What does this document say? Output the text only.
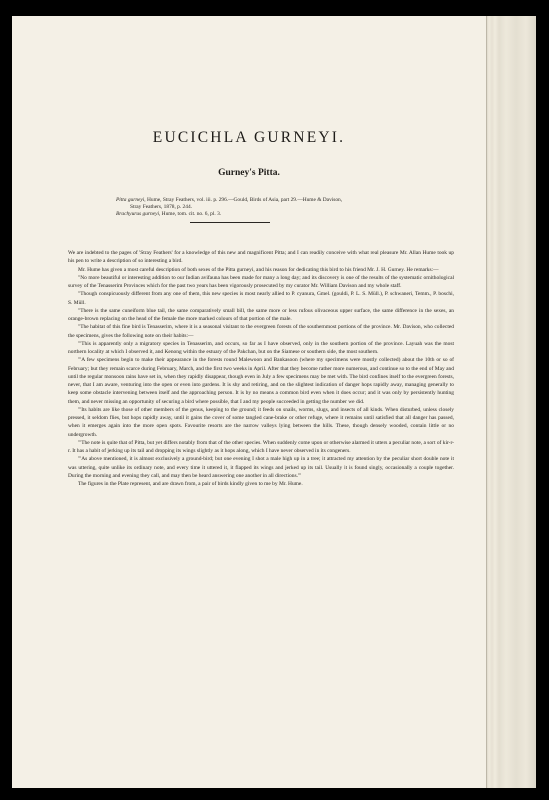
EUCICHLA GURNEYI.
Gurney's Pitta.
Pitta gurneyi, Hume, Stray Feathers, vol. iii. p. 296.—Gould, Birds of Asia, part 29.—Hume & Davison,
Stray Feathers, 1878, p. 244.
Brachyurus gurneyi, Hume, tom. cit. no. 6, pl. 3.

We are indebted to the pages of 'Stray Feathers' for a knowledge of this new and magnificent Pitta; and I can readily conceive with what real pleasure Mr. Allan Hume took up his pen to write a description of so interesting a bird.

Mr. Hume has given a most careful description of both sexes of the Pitta gurneyi, and his reason for dedicating this bird to his friend Mr. J. H. Gurney. He remarks:—

"No more beautiful or interesting addition to our Indian avifauna has been made for many a long day; and its discovery is one of the results of the systematic ornithological survey of the Tenasserim Provinces which for the past two years has been vigorously prosecuted by my curator Mr. William Davison and my whole staff.

"Though conspicuously different from any one of them, this new species is most nearly allied to P. cyanura, Gmel. (gouldi, P. L. S. Müll.), P. schwaneri, Temm., P. boschi, S. Müll.

"There is the same cuneiform blue tail, the same comparatively small bill, the same more or less rufous olivaceous upper surface, the same difference in the sexes, an orange-brown replacing on the head of the female the more marked colours of that portion of the male.

"The habitat of this fine bird is Tenasserim, where it is a seasonal visitant to the evergreen forests of the southernmost portions of the province. Mr. Davison, who collected the specimens, gives the following note on their habits:—

"'This is apparently only a migratory species in Tenasserim, and occurs, so far as I have observed, only in the southern portion of the province. Layuah was the most northern locality at which I observed it, and Kenong within the estuary of the Pakchan, but on the Siamese or southern side, the most southern.

"'A few specimens begin to make their appearance in the forests round Malewoon and Bankasoon (where my specimens were mostly collected) about the 10th or so of February; but they remain scarce during February, March, and the first two weeks in April. After that they become rather more numerous, and continue so to the end of May and until the regular monsoon rains have set in, when they rapidly disappear, though even in July a few specimens may be met with. The bird confines itself to the evergreen forests, never, that I am aware, venturing into the open or even into gardens. It is shy and retiring, and on the slightest indication of danger hops rapidly away, managing generally to keep some obstacle intervening between itself and the approaching person. It is by no means a common bird even when it does occur; and it was only by persistently hunting them, and never missing an opportunity of securing a bird where possible, that I and my people succeeded in getting the number we did.

"'Its habits are like those of other members of the genus, keeping to the ground; it feeds on snails, worms, slugs, and insects of all kinds. When disturbed, unless closely pressed, it seldom flies, but hops rapidly away, until it gains the cover of some tangled cane-brake or other refuge, where it remains until satisfied that all danger has passed, when it emerges again into the more open spots. Favourite resorts are the narrow valleys lying between the hills. These, though densely wooded, contain little or no undergrowth.

"'The note is quite that of Pitta, but yet differs notably from that of the other species. When suddenly come upon or otherwise alarmed it utters a peculiar note, a sort of kir-r-r. It has a habit of jerking up its tail and dropping its wings slightly as it hops along, which I have never observed in its congeners.

"'As above mentioned, it is almost exclusively a ground-bird; but one evening I shot a male high up in a tree; it attracted my attention by the peculiar short double note it was uttering, quite unlike its ordinary note, and every time it uttered it, it flapped its wings and jerked up its tail. Usually it is found singly, occasionally a couple together. During the morning and evening they call, and may then be heard answering one another in all directions.'"

The figures in the Plate represent, and are drawn from, a pair of birds kindly given to me by Mr. Hume.
